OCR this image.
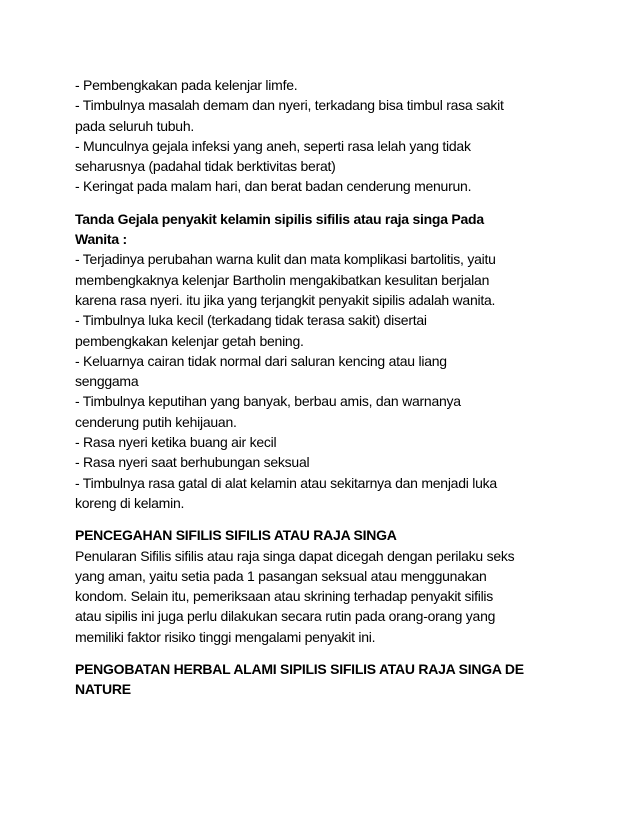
- Pembengkakan pada kelenjar limfe.
- Timbulnya masalah demam dan nyeri, terkadang bisa timbul rasa sakit
pada seluruh tubuh.
- Munculnya gejala infeksi yang aneh, seperti rasa lelah yang tidak
seharusnya (padahal tidak berktivitas berat)
- Keringat pada malam hari, dan berat badan cenderung menurun.
Tanda Gejala penyakit kelamin sipilis sifilis atau raja singa Pada
Wanita :
- Terjadinya perubahan warna kulit dan mata komplikasi bartolitis, yaitu
membengkaknya kelenjar Bartholin mengakibatkan kesulitan berjalan
karena rasa nyeri. itu jika yang terjangkit penyakit sipilis adalah wanita.
- Timbulnya luka kecil (terkadang tidak terasa sakit) disertai
pembengkakan kelenjar getah bening.
- Keluarnya cairan tidak normal dari saluran kencing atau liang
senggama
- Timbulnya keputihan yang banyak, berbau amis, dan warnanya
cenderung putih kehijauan.
- Rasa nyeri ketika buang air kecil
- Rasa nyeri saat berhubungan seksual
- Timbulnya rasa gatal di alat kelamin atau sekitarnya dan menjadi luka
koreng di kelamin.
PENCEGAHAN SIFILIS SIFILIS ATAU RAJA SINGA
Penularan Sifilis sifilis atau raja singa dapat dicegah dengan perilaku seks
yang aman, yaitu setia pada 1 pasangan seksual atau menggunakan
kondom. Selain itu, pemeriksaan atau skrining terhadap penyakit sifilis
atau sipilis ini juga perlu dilakukan secara rutin pada orang-orang yang
memiliki faktor risiko tinggi mengalami penyakit ini.
PENGOBATAN HERBAL ALAMI SIPILIS SIFILIS ATAU RAJA SINGA DE
NATURE
